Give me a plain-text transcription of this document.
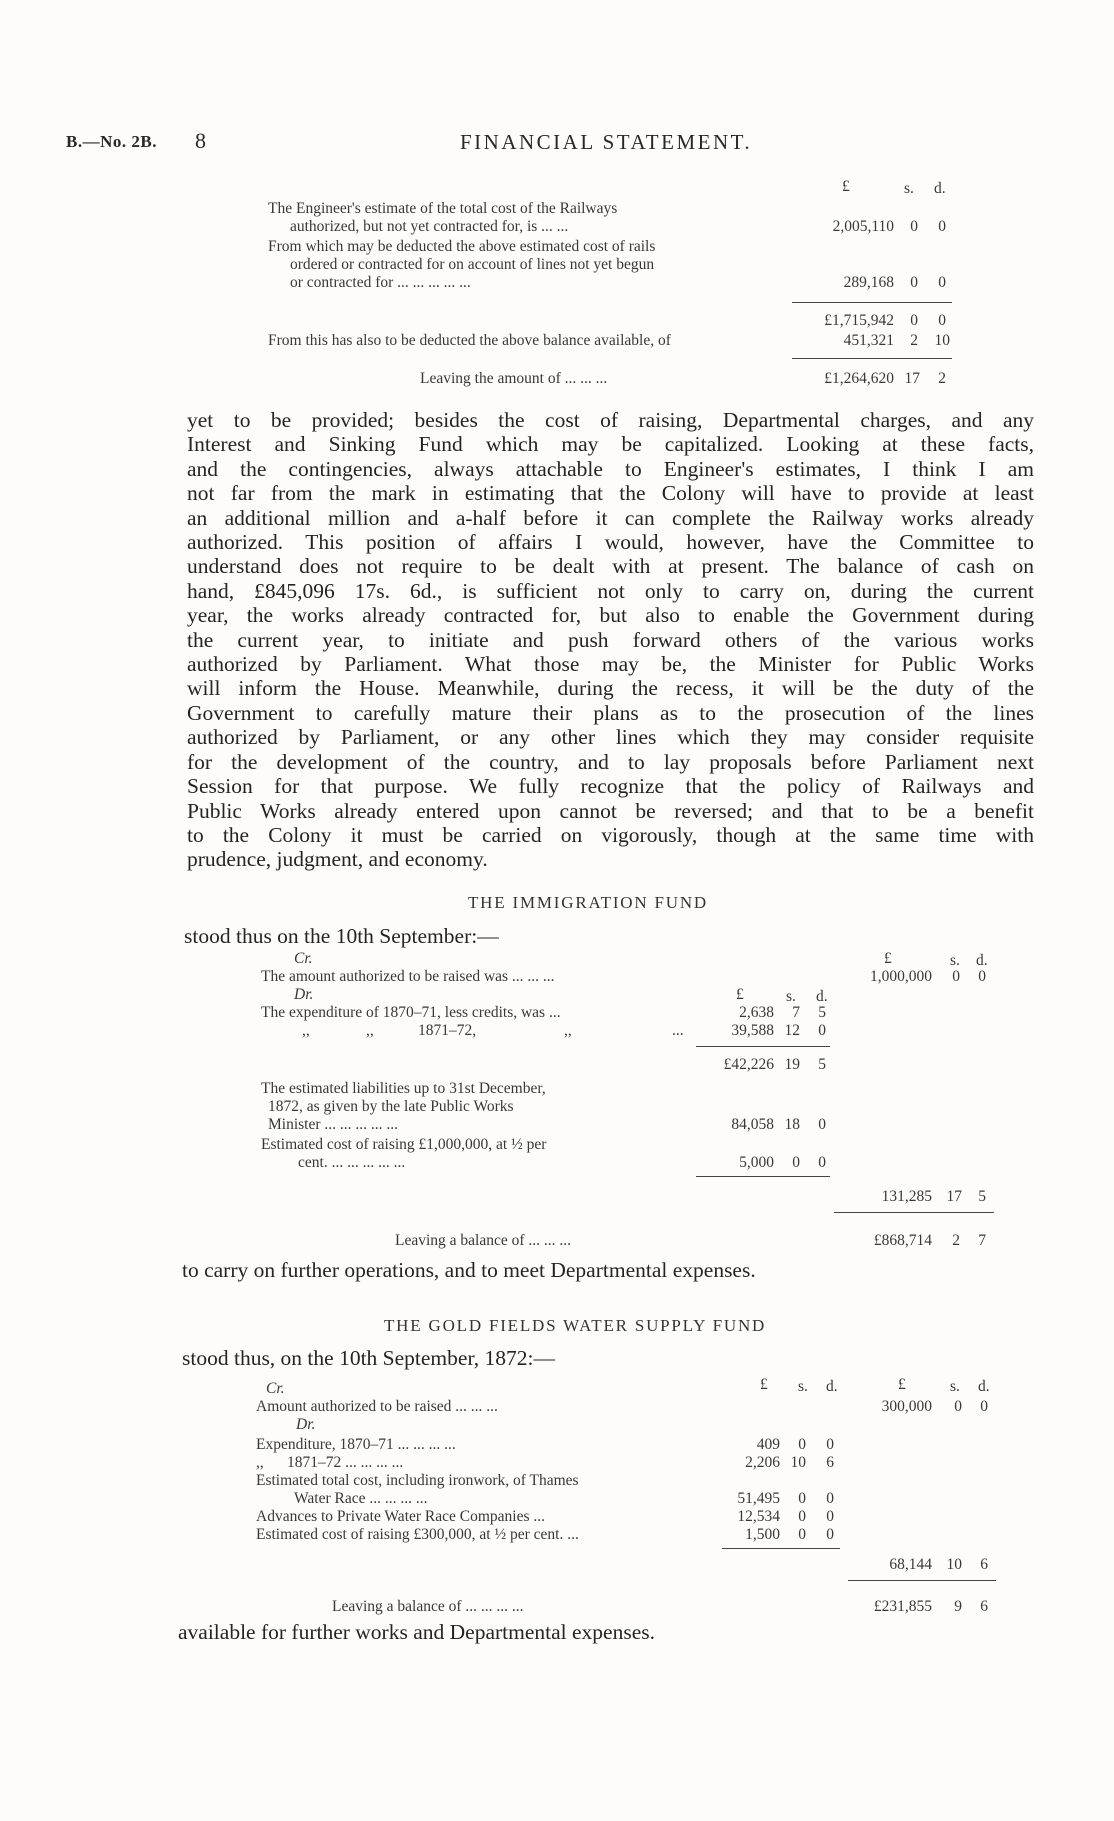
B.—No. 2B. 8	FINANCIAL STATEMENT.
£	s. d.
The Engineer's estimate of the total cost of the Railways
authorized, but not yet contracted for, is ... ...	2,005,110	0	0
From which may be deducted the above estimated cost of rails
ordered or contracted for on account of lines not yet begun
or contracted for ... ... ... ... ...	289,168	0	0
£1,715,942	0	0
From this has also to be deducted the above balance available, of	451,321	2	10
Leaving the amount of ... ... ...	£1,264,620 17	2
yet to be provided; besides the cost of raising, Departmental charges, and any
Interest and Sinking Fund which may be capitalized. Looking at these facts,
and the contingencies, always attachable to Engineer's estimates, I think I am
not far from the mark in estimating that the Colony will have to provide at least
an additional million and a-half before it can complete the Railway works already
authorized. This position of affairs I would, however, have the Committee to
understand does not require to be dealt with at present. The balance of cash on
hand, £845,096 17s. 6d., is sufficient not only to carry on, during the current
year, the works already contracted for, but also to enable the Government during
the current year, to initiate and push forward others of the various works
authorized by Parliament. What those may be, the Minister for Public Works
will inform the House. Meanwhile, during the recess, it will be the duty of the
Government to carefully mature their plans as to the prosecution of the lines
authorized by Parliament, or any other lines which they may consider requisite
for the development of the country, and to lay proposals before Parliament next
Session for that purpose. We fully recognize that the policy of Railways and
Public Works already entered upon cannot be reversed; and that to be a benefit
to the Colony it must be carried on vigorously, though at the same time with
prudence, judgment, and economy.
THE IMMIGRATION FUND
stood thus on the 10th September:—
Cr.	£	s. d.
The amount authorized to be raised was ... ... ...	1,000,000	0	0
Dr.	£	s. d.
The expenditure of 1870–71, less credits, was ...	2,638	7	5
,,	,,	1871–72,	,,	...	39,588 12	0
£42,226 19	5
The estimated liabilities up to 31st December,
1872, as given by the late Public Works
Minister ... ... ... ... ...	84,058 18	0
Estimated cost of raising £1,000,000, at ½ per
cent. ... ... ... ... ...	5,000	0	0
131,285 17	5
Leaving a balance of ... ... ...	£868,714	2	7
to carry on further operations, and to meet Departmental expenses.
THE GOLD FIELDS WATER SUPPLY FUND
stood thus, on the 10th September, 1872:—
Cr.	£ s. d.	£	s. d.
Amount authorized to be raised ... ... ...	300,000	0	0
Dr.
Expenditure, 1870–71 ... ... ... ...	409	0	0
,,      1871–72 ... ... ... ...	2,206 10	6
Estimated total cost, including ironwork, of Thames
Water Race ... ... ... ...	51,495	0	0
Advances to Private Water Race Companies ...	12,534	0	0
Estimated cost of raising £300,000, at ½ per cent. ...	1,500	0	0
68,144 10	6
Leaving a balance of ... ... ... ...	£231,855	9	6
available for further works and Departmental expenses.
